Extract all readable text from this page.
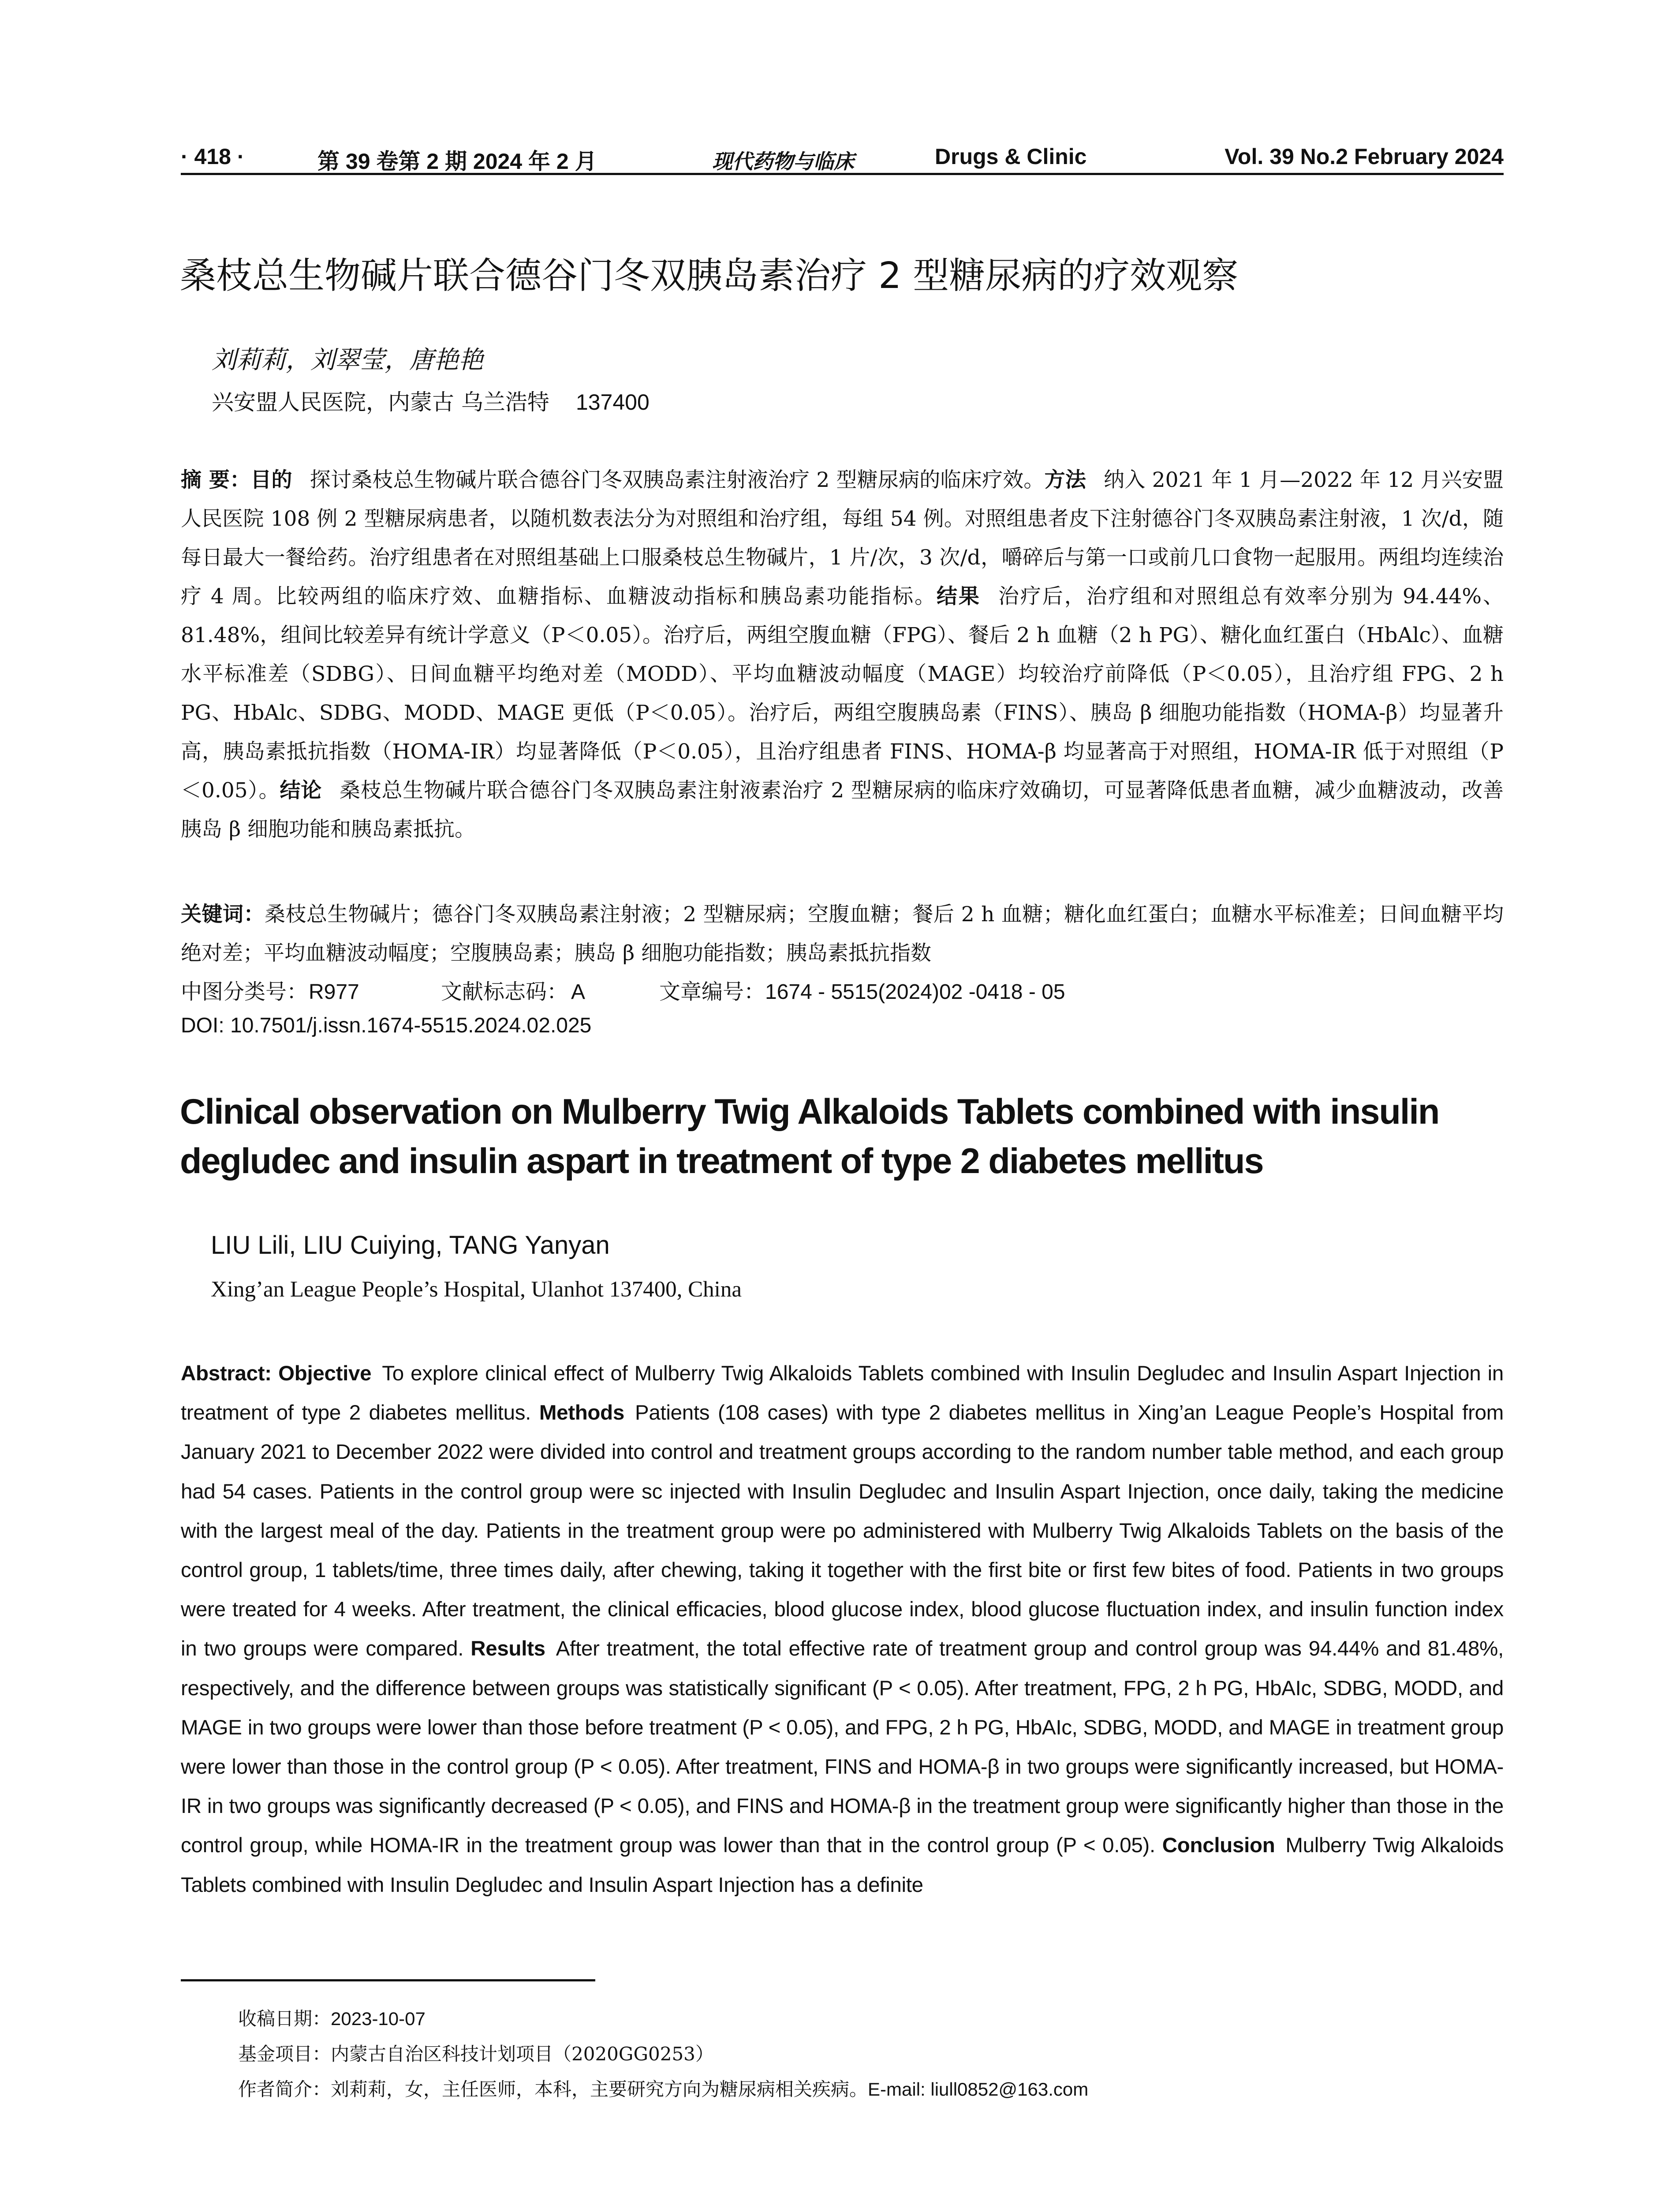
· 418 ·	第 39 卷第 2 期 2024 年 2 月	现代药物与临床	Drugs & Clinic	Vol. 39 No.2 February 2024
桑枝总生物碱片联合德谷门冬双胰岛素治疗 2 型糖尿病的疗效观察
刘莉莉，刘翠莹，唐艳艳
兴安盟人民医院，内蒙古 乌兰浩特 137400
摘 要：目的 探讨桑枝总生物碱片联合德谷门冬双胰岛素注射液治疗 2 型糖尿病的临床疗效。方法 纳入 2021 年 1 月—2022 年 12 月兴安盟人民医院 108 例 2 型糖尿病患者，以随机数表法分为对照组和治疗组，每组 54 例。对照组患者皮下注射德谷门冬双胰岛素注射液，1 次/d，随每日最大一餐给药。治疗组患者在对照组基础上口服桑枝总生物碱片，1 片/次，3 次/d，嚼碎后与第一口或前几口食物一起服用。两组均连续治疗 4 周。比较两组的临床疗效、血糖指标、血糖波动指标和胰岛素功能指标。结果 治疗后，治疗组和对照组总有效率分别为 94.44%、81.48%，组间比较差异有统计学意义（P＜0.05）。治疗后，两组空腹血糖（FPG）、餐后 2 h 血糖（2 h PG）、糖化血红蛋白（HbAlc）、血糖水平标准差（SDBG）、日间血糖平均绝对差（MODD）、平均血糖波动幅度（MAGE）均较治疗前降低（P＜0.05），且治疗组 FPG、2 h PG、HbAlc、SDBG、MODD、MAGE 更低（P＜0.05）。治疗后，两组空腹胰岛素（FINS）、胰岛 β 细胞功能指数（HOMA-β）均显著升高，胰岛素抵抗指数（HOMA-IR）均显著降低（P＜0.05），且治疗组患者 FINS、HOMA-β 均显著高于对照组，HOMA-IR 低于对照组（P＜0.05）。结论 桑枝总生物碱片联合德谷门冬双胰岛素注射液素治疗 2 型糖尿病的临床疗效确切，可显著降低患者血糖，减少血糖波动，改善胰岛 β 细胞功能和胰岛素抵抗。
关键词：桑枝总生物碱片；德谷门冬双胰岛素注射液；2 型糖尿病；空腹血糖；餐后 2 h 血糖；糖化血红蛋白；血糖水平标准差；日间血糖平均绝对差；平均血糖波动幅度；空腹胰岛素；胰岛 β 细胞功能指数；胰岛素抵抗指数
中图分类号：R977	文献标志码： A	文章编号：1674 - 5515(2024)02 -0418 - 05
DOI: 10.7501/j.issn.1674-5515.2024.02.025
Clinical observation on Mulberry Twig Alkaloids Tablets combined with insulin degludec and insulin aspart in treatment of type 2 diabetes mellitus
LIU Lili, LIU Cuiying, TANG Yanyan
Xing’an League People’s Hospital, Ulanhot 137400, China
Abstract: Objective To explore clinical effect of Mulberry Twig Alkaloids Tablets combined with Insulin Degludec and Insulin Aspart Injection in treatment of type 2 diabetes mellitus. Methods Patients (108 cases) with type 2 diabetes mellitus in Xing’an League People’s Hospital from January 2021 to December 2022 were divided into control and treatment groups according to the random number table method, and each group had 54 cases. Patients in the control group were sc injected with Insulin Degludec and Insulin Aspart Injection, once daily, taking the medicine with the largest meal of the day. Patients in the treatment group were po administered with Mulberry Twig Alkaloids Tablets on the basis of the control group, 1 tablets/time, three times daily, after chewing, taking it together with the first bite or first few bites of food. Patients in two groups were treated for 4 weeks. After treatment, the clinical efficacies, blood glucose index, blood glucose fluctuation index, and insulin function index in two groups were compared. Results After treatment, the total effective rate of treatment group and control group was 94.44% and 81.48%, respectively, and the difference between groups was statistically significant (P < 0.05). After treatment, FPG, 2 h PG, HbAIc, SDBG, MODD, and MAGE in two groups were lower than those before treatment (P < 0.05), and FPG, 2 h PG, HbAIc, SDBG, MODD, and MAGE in treatment group were lower than those in the control group (P < 0.05). After treatment, FINS and HOMA-β in two groups were significantly increased, but HOMA-IR in two groups was significantly decreased (P < 0.05), and FINS and HOMA-β in the treatment group were significantly higher than those in the control group, while HOMA-IR in the treatment group was lower than that in the control group (P < 0.05). Conclusion Mulberry Twig Alkaloids Tablets combined with Insulin Degludec and Insulin Aspart Injection has a definite
收稿日期：2023-10-07
基金项目：内蒙古自治区科技计划项目（2020GG0253）
作者简介：刘莉莉，女，主任医师，本科，主要研究方向为糖尿病相关疾病。E-mail: liull0852@163.com
